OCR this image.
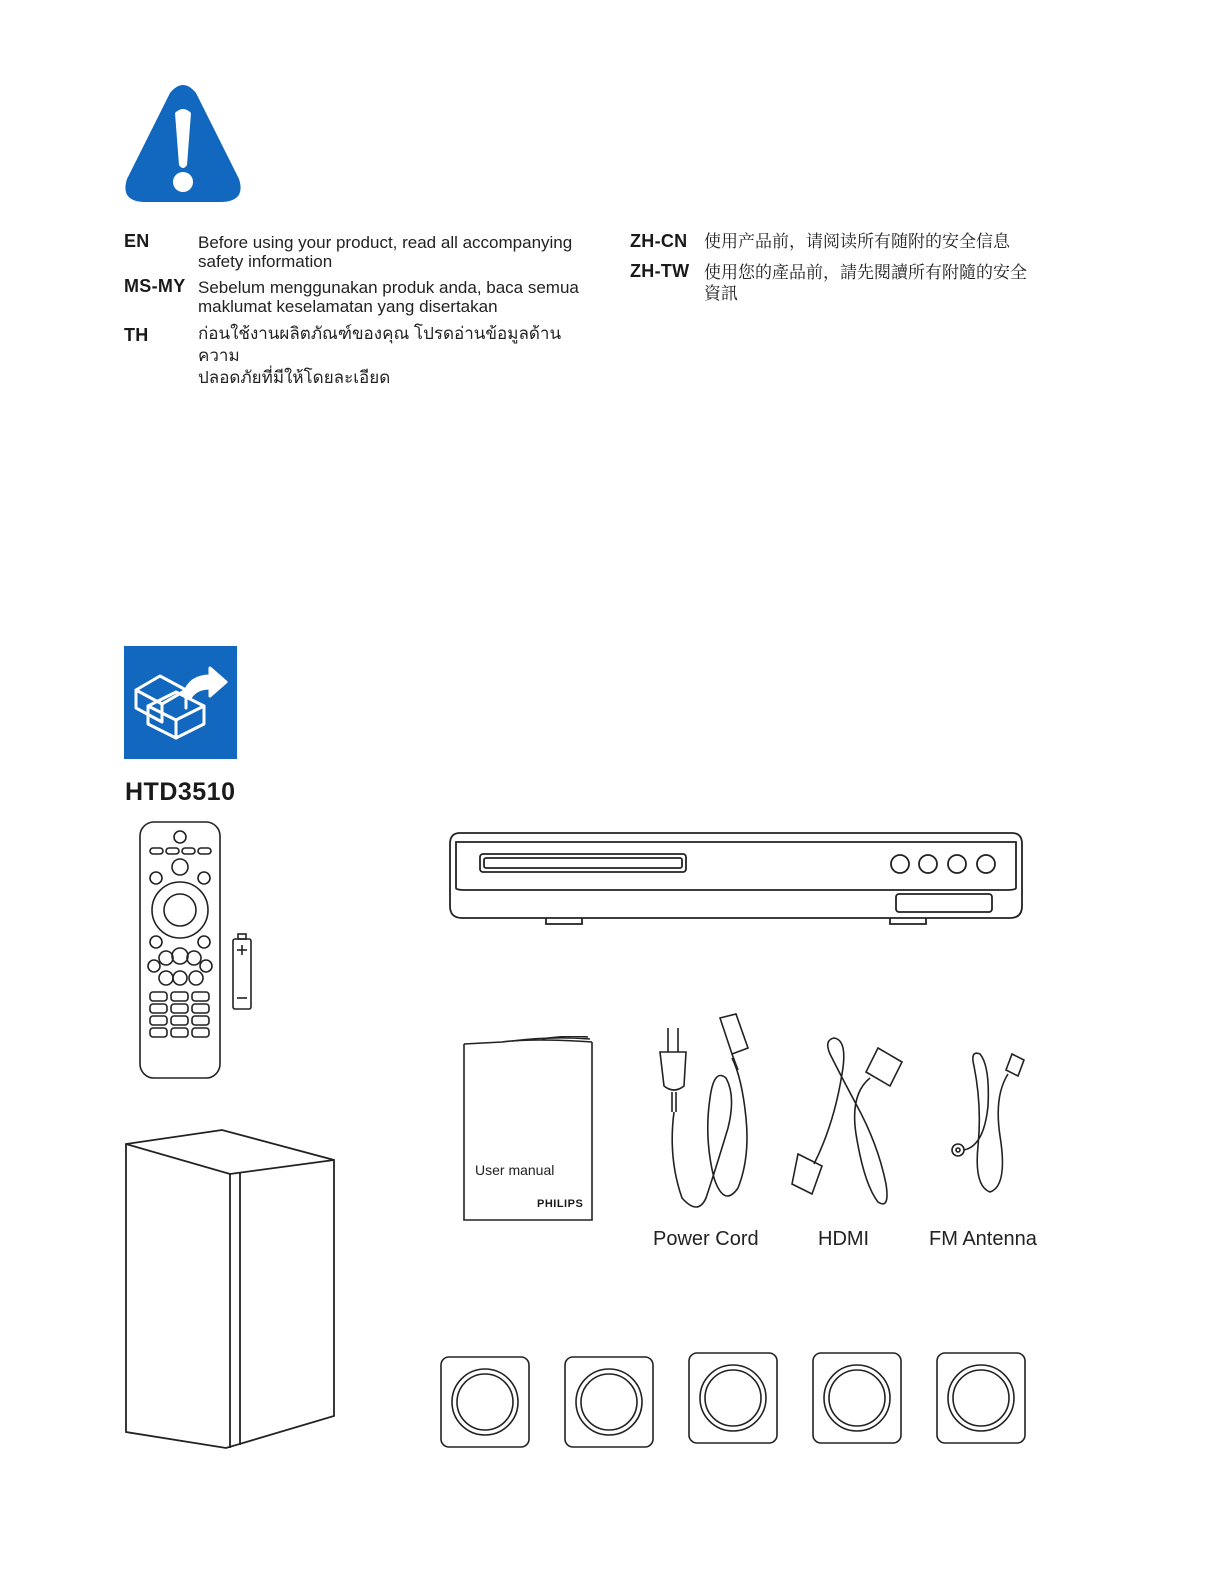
EN	Before using your product, read all accompanying
safety information
MS-MY Sebelum menggunakan produk anda, baca semua
maklumat keselamatan yang disertakan
TH	ก่อนใช้งานผลิตภัณฑ์ของคุณ โปรดอ่านข้อมูลด้านความ
ปลอดภัยที่มีให้โดยละเอียด
ZH-CN 使用产品前，请阅读所有随附的安全信息
ZH-TW 使用您的產品前，請先閱讀所有附隨的安全
資訊
HTD3510
User manual
PHILIPS
Power Cord	HDMI	FM Antenna
